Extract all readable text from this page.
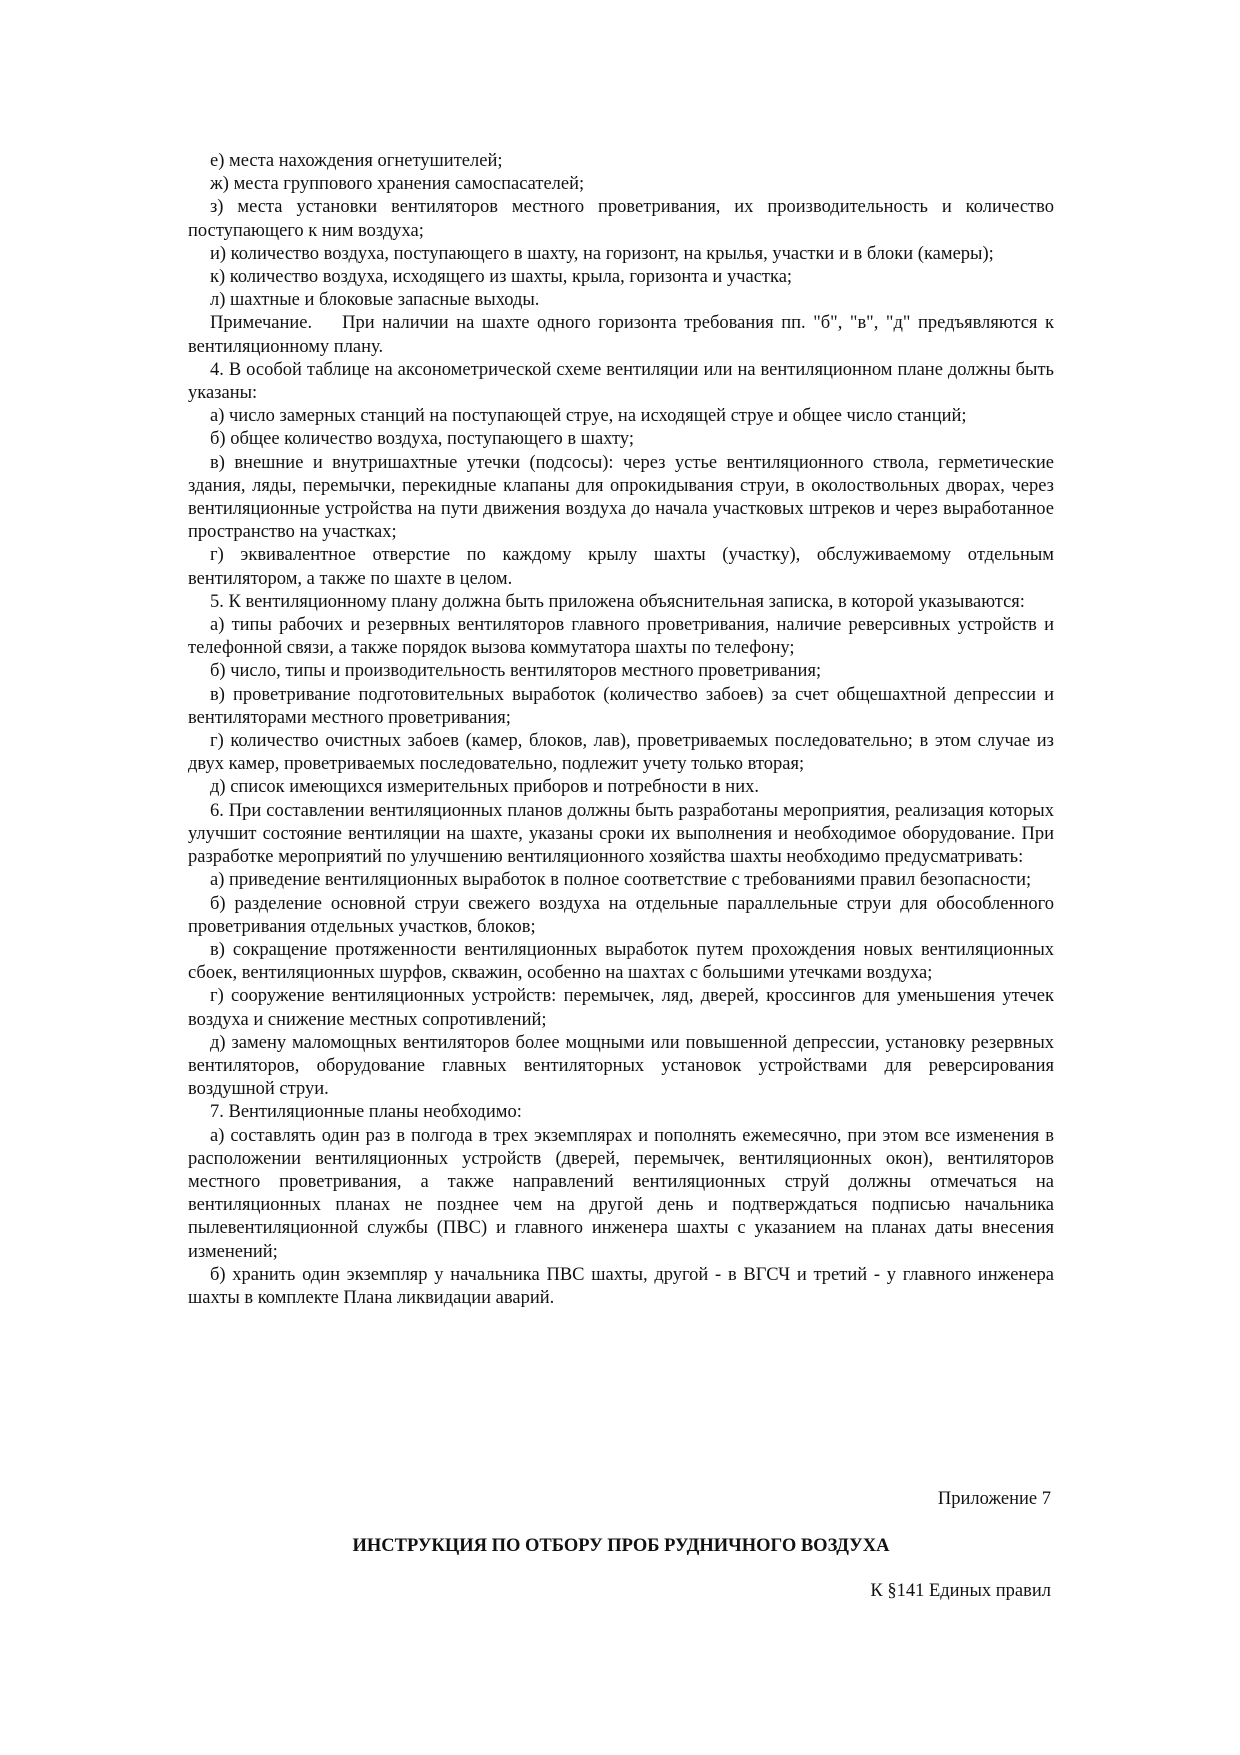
е) места нахождения огнетушителей;

ж) места группового хранения самоспасателей;

з) места установки вентиляторов местного проветривания, их производительность и количество поступающего к ним воздуха;

и) количество воздуха, поступающего в шахту, на горизонт, на крылья, участки и в блоки (камеры);

к) количество воздуха, исходящего из шахты, крыла, горизонта и участка;

л) шахтные и блоковые запасные выходы.

Примечание. При наличии на шахте одного горизонта требования пп. "б", "в", "д" предъявляются к вентиляционному плану.

4. В особой таблице на аксонометрической схеме вентиляции или на вентиляционном плане должны быть указаны:

а) число замерных станций на поступающей струе, на исходящей струе и общее число станций;

б) общее количество воздуха, поступающего в шахту;

в) внешние и внутришахтные утечки (подсосы): через устье вентиляционного ствола, герметические здания, ляды, перемычки, перекидные клапаны для опрокидывания струи, в околоствольных дворах, через вентиляционные устройства на пути движения воздуха до начала участковых штреков и через выработанное пространство на участках;

г) эквивалентное отверстие по каждому крылу шахты (участку), обслуживаемому отдельным вентилятором, а также по шахте в целом.

5. К вентиляционному плану должна быть приложена объяснительная записка, в которой указываются:

а) типы рабочих и резервных вентиляторов главного проветривания, наличие реверсивных устройств и телефонной связи, а также порядок вызова коммутатора шахты по телефону;

б) число, типы и производительность вентиляторов местного проветривания;

в) проветривание подготовительных выработок (количество забоев) за счет общешахтной депрессии и вентиляторами местного проветривания;

г) количество очистных забоев (камер, блоков, лав), проветриваемых последовательно; в этом случае из двух камер, проветриваемых последовательно, подлежит учету только вторая;

д) список имеющихся измерительных приборов и потребности в них.

6. При составлении вентиляционных планов должны быть разработаны мероприятия, реализация которых улучшит состояние вентиляции на шахте, указаны сроки их выполнения и необходимое оборудование. При разработке мероприятий по улучшению вентиляционного хозяйства шахты необходимо предусматривать:

а) приведение вентиляционных выработок в полное соответствие с требованиями правил безопасности;

б) разделение основной струи свежего воздуха на отдельные параллельные струи для обособленного проветривания отдельных участков, блоков;

в) сокращение протяженности вентиляционных выработок путем прохождения новых вентиляционных сбоек, вентиляционных шурфов, скважин, особенно на шахтах с большими утечками воздуха;

г) сооружение вентиляционных устройств: перемычек, ляд, дверей, кроссингов для уменьшения утечек воздуха и снижение местных сопротивлений;

д) замену маломощных вентиляторов более мощными или повышенной депрессии, установку резервных вентиляторов, оборудование главных вентиляторных установок устройствами для реверсирования воздушной струи.

7. Вентиляционные планы необходимо:

а) составлять один раз в полгода в трех экземплярах и пополнять ежемесячно, при этом все изменения в расположении вентиляционных устройств (дверей, перемычек, вентиляционных окон), вентиляторов местного проветривания, а также направлений вентиляционных струй должны отмечаться на вентиляционных планах не позднее чем на другой день и подтверждаться подписью начальника пылевентиляционной службы (ПВС) и главного инженера шахты с указанием на планах даты внесения изменений;

б) хранить один экземпляр у начальника ПВС шахты, другой - в ВГСЧ и третий - у главного инженера шахты в комплекте Плана ликвидации аварий.

Приложение 7
ИНСТРУКЦИЯ ПО ОТБОРУ ПРОБ РУДНИЧНОГО ВОЗДУХА
К §141 Единых правил
